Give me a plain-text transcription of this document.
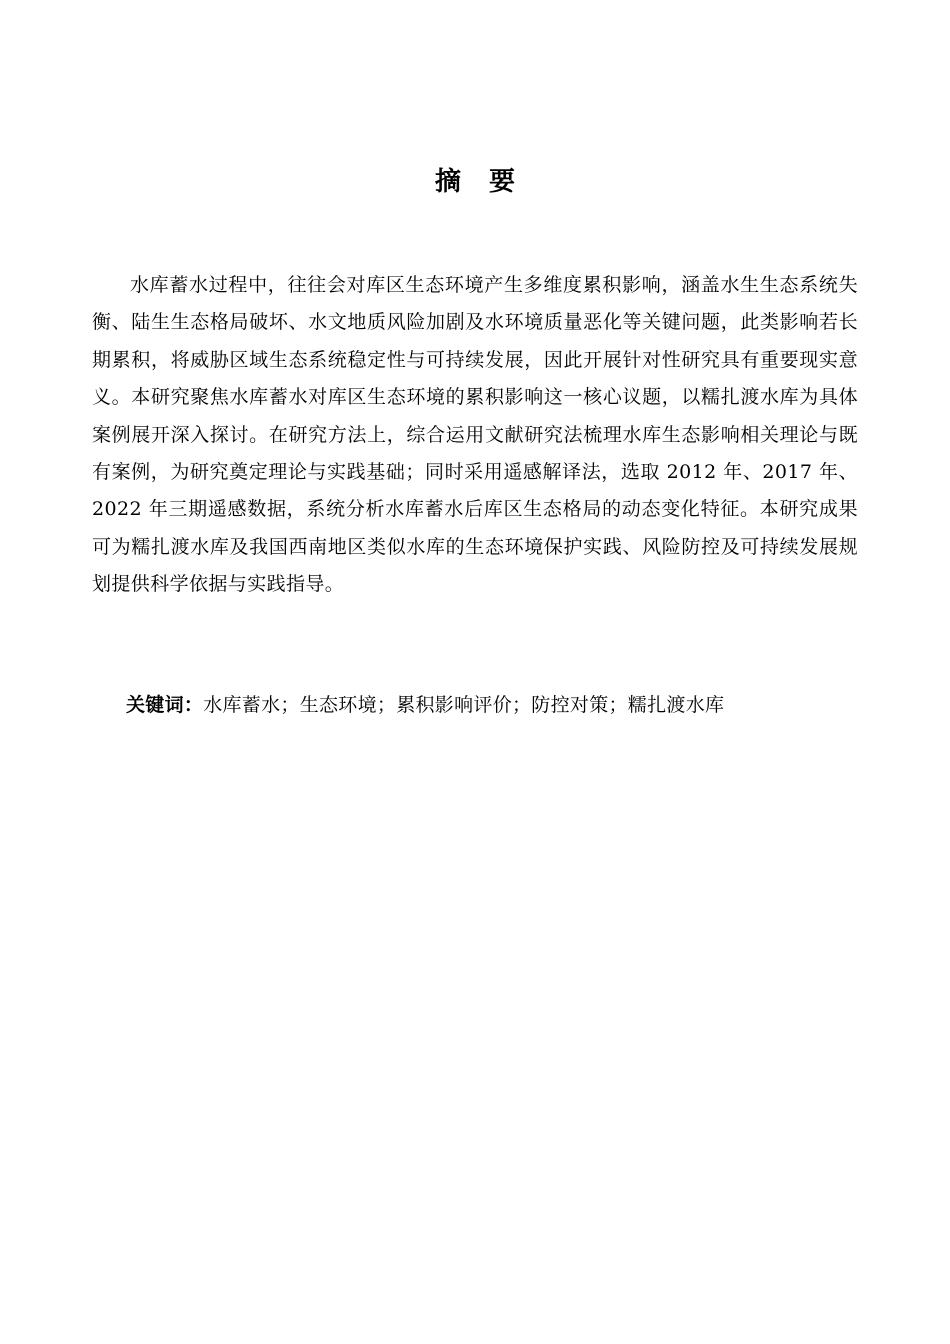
摘 要

水库蓄水过程中，往往会对库区生态环境产生多维度累积影响，涵盖水生生态系统失衡、陆生生态格局破坏、水文地质风险加剧及水环境质量恶化等关键问题，此类影响若长期累积，将威胁区域生态系统稳定性与可持续发展，因此开展针对性研究具有重要现实意义。本研究聚焦水库蓄水对库区生态环境的累积影响这一核心议题，以糯扎渡水库为具体案例展开深入探讨。在研究方法上，综合运用文献研究法梳理水库生态影响相关理论与既有案例，为研究奠定理论与实践基础；同时采用遥感解译法，选取 2012 年、2017 年、2022 年三期遥感数据，系统分析水库蓄水后库区生态格局的动态变化特征。本研究成果可为糯扎渡水库及我国西南地区类似水库的生态环境保护实践、风险防控及可持续发展规划提供科学依据与实践指导。

关键词：水库蓄水；生态环境；累积影响评价；防控对策；糯扎渡水库
